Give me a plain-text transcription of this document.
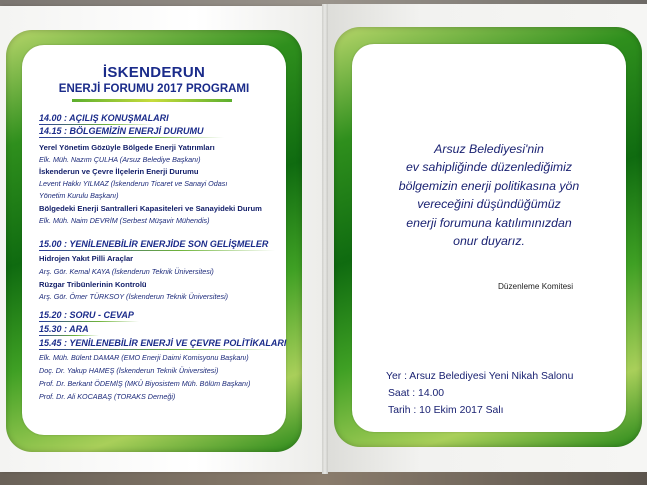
İSKENDERUN
ENERJİ FORUMU 2017 PROGRAMI
14.00 : AÇILIŞ KONUŞMALARI
14.15 : BÖLGEMİZİN ENERJİ DURUMU
Yerel Yönetim Gözüyle Bölgede Enerji Yatırımları
Elk. Müh. Nazım ÇULHA (Arsuz Belediye Başkanı)
İskenderun ve Çevre İlçelerin Enerji Durumu
Levent Hakkı YILMAZ (İskenderun Ticaret ve Sanayi Odası
Yönetim Kurulu Başkanı)
Bölgedeki Enerji Santralleri Kapasiteleri ve Sanayideki Durum
Elk. Müh. Naim DEVRİM (Serbest Müşavir Mühendis)
15.00 : YENİLENEBİLİR ENERJİDE SON GELİŞMELER
Hidrojen Yakıt Pilli Araçlar
Arş. Gör. Kemal KAYA (İskenderun Teknik Üniversitesi)
Rüzgar Tribünlerinin Kontrolü
Arş. Gör. Ömer TÜRKSOY (İskenderun Teknik Üniversitesi)
15.20 : SORU - CEVAP
15.30 : ARA
15.45 : YENİLENEBİLİR ENERJİ VE ÇEVRE POLİTİKALARI
Elk. Müh. Bülent DAMAR (EMO Enerji Daimi Komisyonu Başkanı)
Doç. Dr. Yakup HAMEŞ (İskenderun Teknik Üniversitesi)
Prof. Dr. Berkant ÖDEMİŞ (MKÜ Biyosistem Müh. Bölüm Başkanı)
Prof. Dr. Ali KOCABAŞ (TORAKS Derneği)
Arsuz Belediyesi'nin
ev sahipliğinde düzenlediğimiz
bölgemizin enerji politikasına yön
vereceğini düşündüğümüz
enerji forumuna katılımınızdan
onur duyarız.
Düzenleme Komitesi
Yer : Arsuz Belediyesi Yeni Nikah Salonu
Saat : 14.00
Tarih : 10 Ekim 2017 Salı
